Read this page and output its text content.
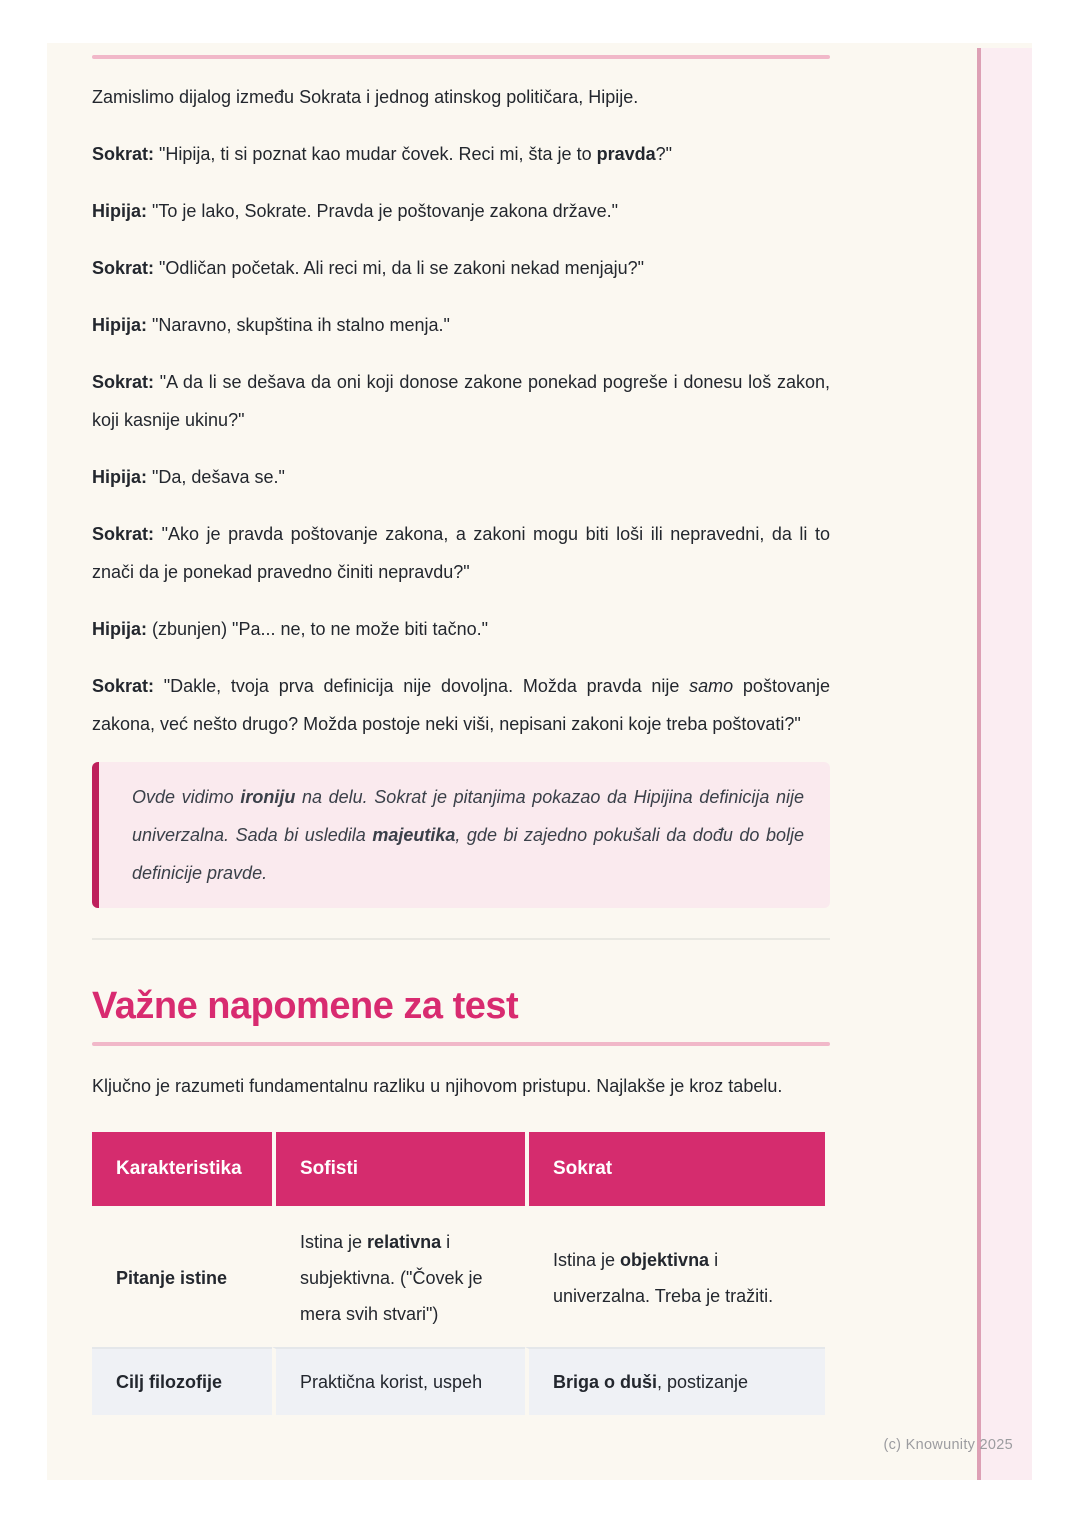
Zamislimo dijalog između Sokrata i jednog atinskog političara, Hipije.

Sokrat: "Hipija, ti si poznat kao mudar čovek. Reci mi, šta je to pravda?"

Hipija: "To je lako, Sokrate. Pravda je poštovanje zakona države."

Sokrat: "Odličan početak. Ali reci mi, da li se zakoni nekad menjaju?"

Hipija: "Naravno, skupština ih stalno menja."

Sokrat: "A da li se dešava da oni koji donose zakone ponekad pogreše i donesu loš zakon, koji kasnije ukinu?"

Hipija: "Da, dešava se."

Sokrat: "Ako je pravda poštovanje zakona, a zakoni mogu biti loši ili nepravedni, da li to znači da je ponekad pravedno činiti nepravdu?"

Hipija: (zbunjen) "Pa... ne, to ne može biti tačno."

Sokrat: "Dakle, tvoja prva definicija nije dovoljna. Možda pravda nije samo poštovanje zakona, već nešto drugo? Možda postoje neki viši, nepisani zakoni koje treba poštovati?"

Ovde vidimo ironiju na delu. Sokrat je pitanjima pokazao da Hipijina definicija nije univerzalna. Sada bi usledila majeutika, gde bi zajedno pokušali da dođu do bolje definicije pravde.

Važne napomene za test

Ključno je razumeti fundamentalnu razliku u njihovom pristupu. Najlakše je kroz tabelu.

Karakteristika	Sofisti	Sokrat
Pitanje istine	Istina je relativna i subjektivna. ("Čovek je mera svih stvari")	Istina je objektivna i univerzalna. Treba je tražiti.
Cilj filozofije	Praktična korist, uspeh	Briga o duši, postizanje
(c) Knowunity 2025
